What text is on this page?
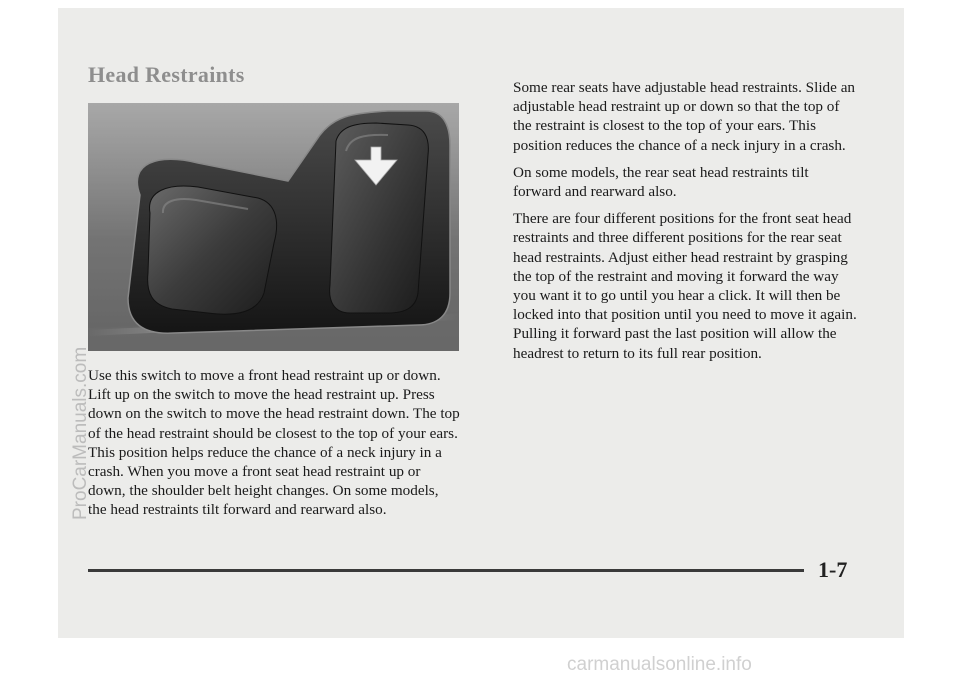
Head Restraints

Use this switch to move a front head restraint up or down. Lift up on the switch to move the head restraint up. Press down on the switch to move the head restraint down. The top of the head restraint should be closest to the top of your ears. This position helps reduce the chance of a neck injury in a crash. When you move a front seat head restraint up or down, the shoulder belt height changes. On some models, the head restraints tilt forward and rearward also.

Some rear seats have adjustable head restraints. Slide an adjustable head restraint up or down so that the top of the restraint is closest to the top of your ears. This position reduces the chance of a neck injury in a crash.

On some models, the rear seat head restraints tilt forward and rearward also.

There are four different positions for the front seat head restraints and three different positions for the rear seat head restraints. Adjust either head restraint by grasping the top of the restraint and moving it forward the way you want it to go until you hear a click. It will then be locked into that position until you need to move it again. Pulling it forward past the last position will allow the headrest to return to its full rear position.

1-7
ProCarManuals.com
carmanualsonline.info
